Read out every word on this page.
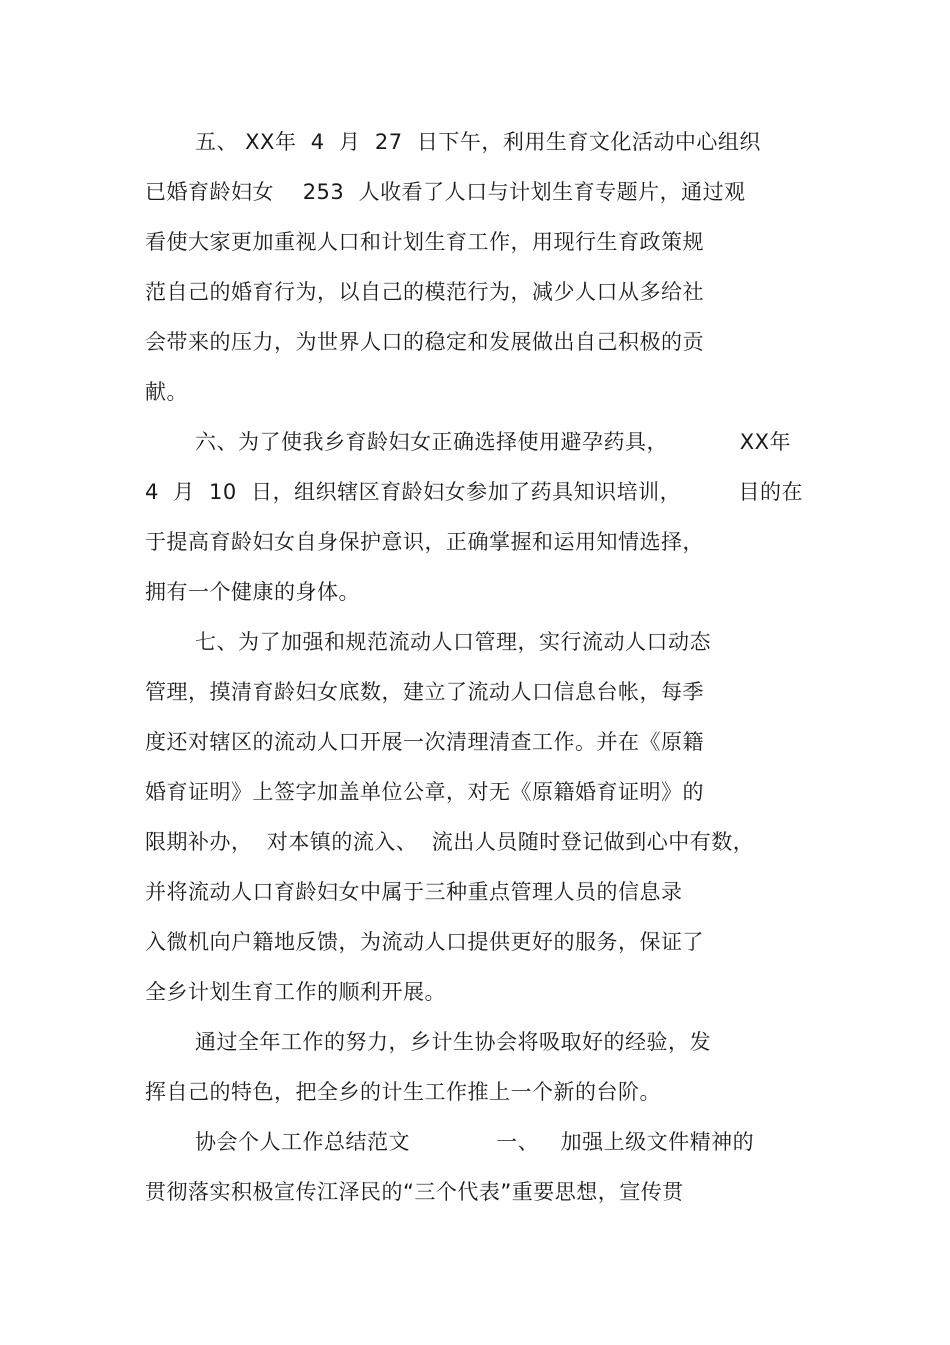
五、 XX年  4  月  27  日下午，利用生育文化活动中心组织
已婚育龄妇女    253  人收看了人口与计划生育专题片，通过观
看使大家更加重视人口和计划生育工作，用现行生育政策规
范自己的婚育行为，以自己的模范行为，减少人口从多给社
会带来的压力，为世界人口的稳定和发展做出自己积极的贡
献。
六、为了使我乡育龄妇女正确选择使用避孕药具，          XX年
4  月  10  日，组织辖区育龄妇女参加了药具知识培训，        目的在
于提高育龄妇女自身保护意识，正确掌握和运用知情选择，
拥有一个健康的身体。
七、为了加强和规范流动人口管理，实行流动人口动态
管理，摸清育龄妇女底数，建立了流动人口信息台帐，每季
度还对辖区的流动人口开展一次清理清查工作。并在《原籍
婚育证明》上签字加盖单位公章，对无《原籍婚育证明》的
限期补办，  对本镇的流入、  流出人员随时登记做到心中有数，
并将流动人口育龄妇女中属于三种重点管理人员的信息录
入微机向户籍地反馈，为流动人口提供更好的服务，保证了
全乡计划生育工作的顺利开展。
通过全年工作的努力，乡计生协会将吸取好的经验，发
挥自己的特色，把全乡的计生工作推上一个新的台阶。
协会个人工作总结范文            一、   加强上级文件精神的
贯彻落实积极宣传江泽民的“三个代表”重要思想，宣传贯
